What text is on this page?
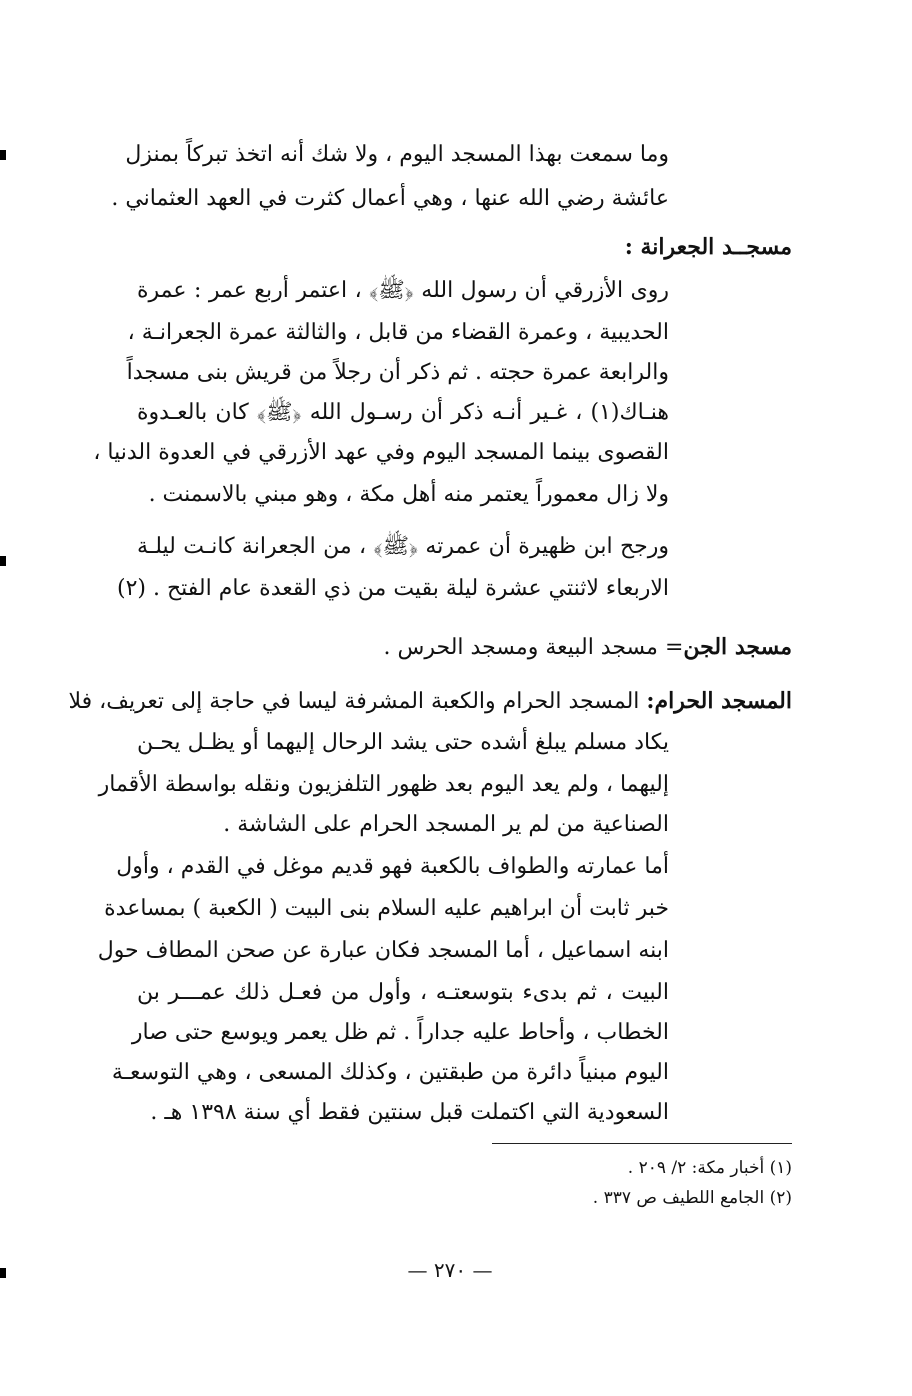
وما سمعت بهذا المسجد اليوم ، ولا شك أنه اتخذ تبركاً بمنزل
عائشة رضي الله عنها ، وهي أعمال كثرت في العهد العثماني .
مسجــد الجعرانة :
روى الأزرقي أن رسول الله ﴿ﷺ﴾ ، اعتمر أربع عمر : عمرة
الحديبية ، وعمرة القضاء من قابل ، والثالثة عمرة الجعرانـة ،
والرابعة عمرة حجته . ثم ذكر أن رجلاً من قريش بنى مسجداً
هنـاك(١) ، غـير أنـه ذكر أن رسـول الله ﴿ﷺ﴾ كان بالعـدوة
القصوى بينما المسجد اليوم وفي عهد الأزرقي في العدوة الدنيا ،
ولا زال معموراً يعتمر منه أهل مكة ، وهو مبني بالاسمنت .
ورجح ابن ظهيرة أن عمرته ﴿ﷺ﴾ ، من الجعرانة كانـت ليلـة
الاربعاء لاثنتي عشرة ليلة بقيت من ذي القعدة عام الفتح . (٢)
مسجد الجن= مسجد البيعة ومسجد الحرس .
المسجد الحرام: المسجد الحرام والكعبة المشرفة ليسا في حاجة إلى تعريف، فلا
يكاد مسلم يبلغ أشده حتى يشد الرحال إليهما أو يظـل يحـن
إليهما ، ولم يعد اليوم بعد ظهور التلفزيون ونقله بواسطة الأقمار
الصناعية من لم ير المسجد الحرام على الشاشة .
أما عمارته والطواف بالكعبة فهو قديم موغل في القدم ، وأول
خبر ثابت أن ابراهيم عليه السلام بنى البيت ( الكعبة ) بمساعدة
ابنه اسماعيل ، أما المسجد فكان عبارة عن صحن المطاف حول
البيت ، ثم بدىء بتوسعتـه ، وأول من فعـل ذلك عمـــر بن
الخطاب ، وأحاط عليه جداراً . ثم ظل يعمر ويوسع حتى صار
اليوم مبنياً دائرة من طبقتين ، وكذلك المسعى ، وهي التوسعـة
السعودية التي اكتملت قبل سنتين فقط أي سنة ١٣٩٨ هـ .
(١) أخبار مكة: ٢/ ٢٠٩ .
(٢) الجامع اللطيف ص ٣٣٧ .
— ٢٧٠ —
